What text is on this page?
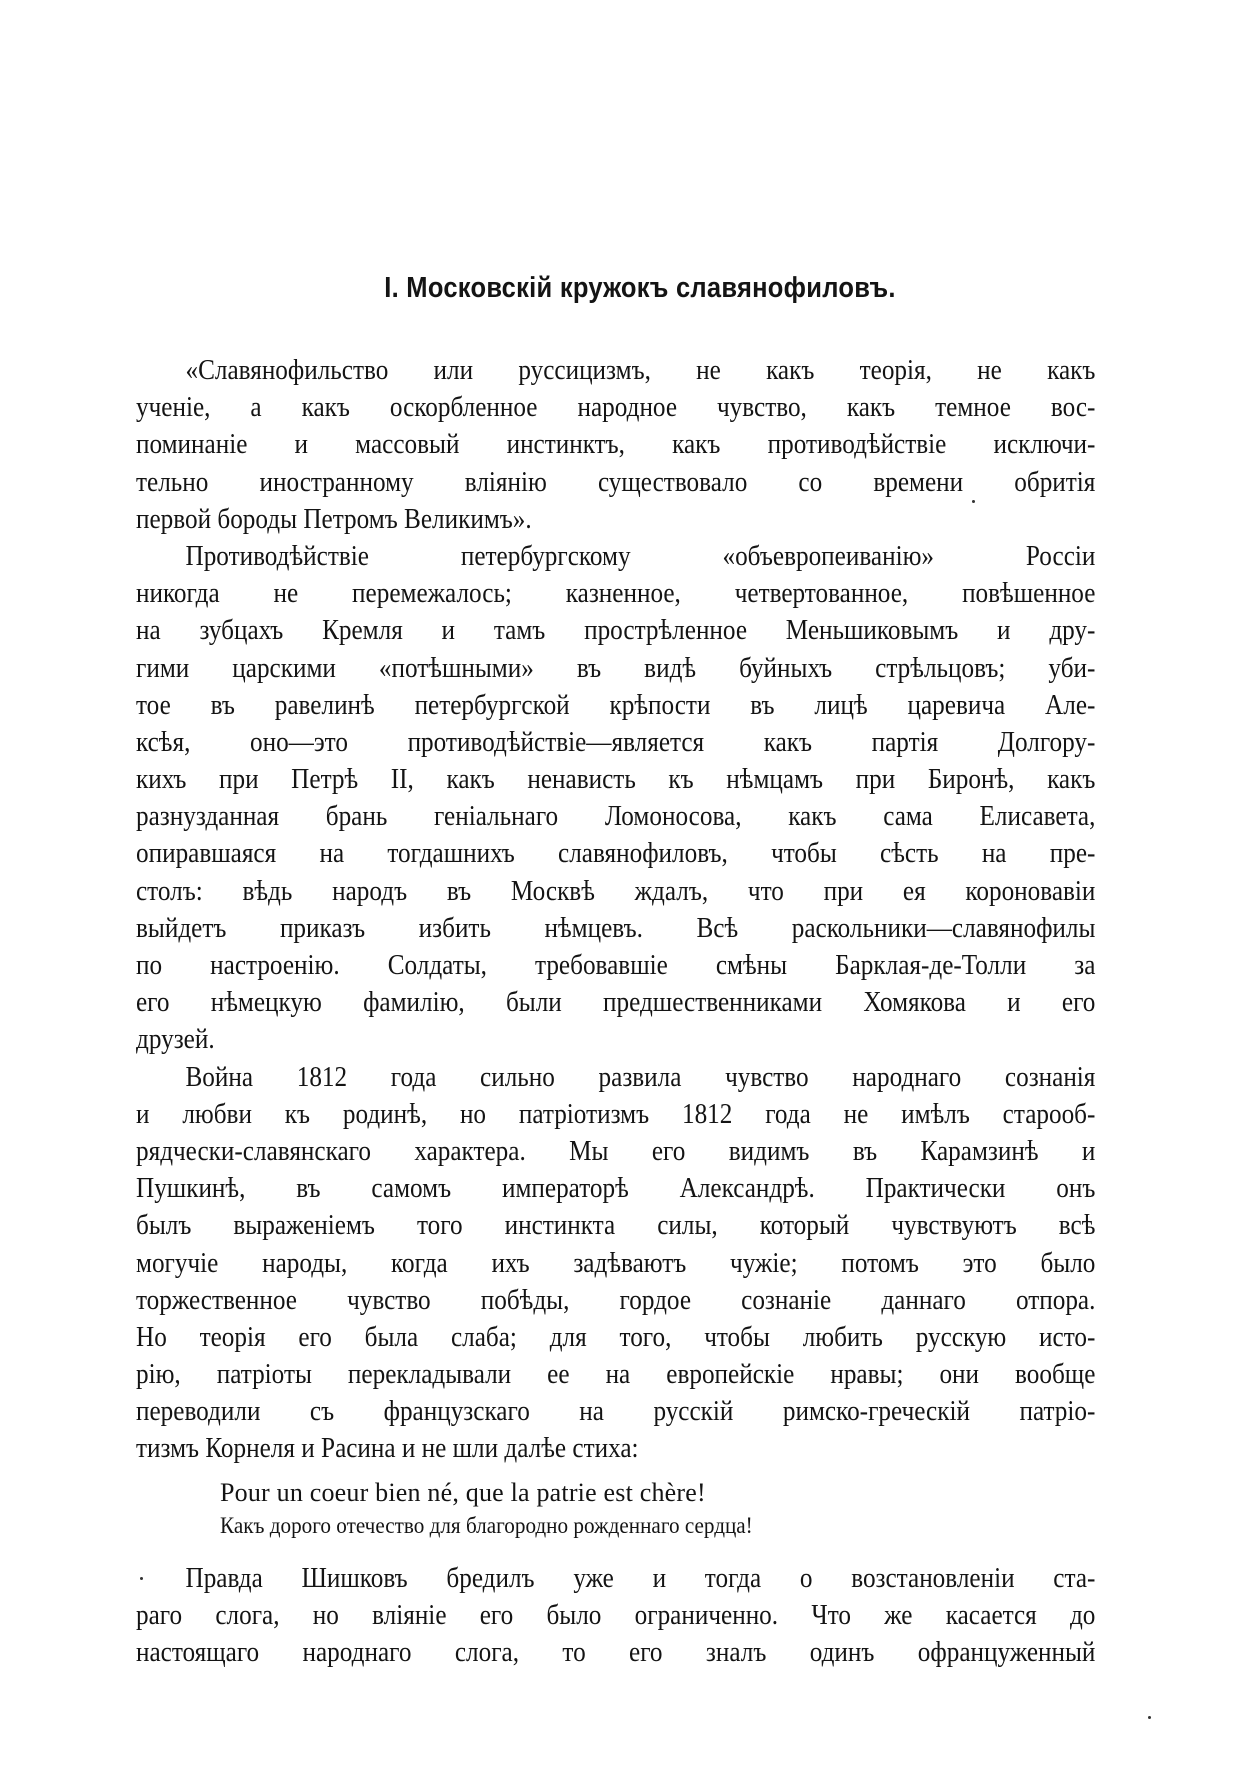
I. Московскій кружокъ славянофиловъ.
«Славянофильство или руссицизмъ, не какъ теорія, не какъ
ученіе, а какъ оскорбленное народное чувство, какъ темное вос-
поминаніе и массовый инстинктъ, какъ противодѣйствіе исключи-
тельно иностранному вліянію существовало со времени обритія
первой бороды Петромъ Великимъ».
Противодѣйствіе петербургскому «объевропеиванію» Россіи
никогда не перемежалось; казненное, четвертованное, повѣшенное
на зубцахъ Кремля и тамъ прострѣленное Меньшиковымъ и дру-
гими царскими «потѣшными» въ видѣ буйныхъ стрѣльцовъ; уби-
тое въ равелинѣ петербургской крѣпости въ лицѣ царевича Але-
ксѣя, оно—это противодѣйствіе—является какъ партія Долгору-
кихъ при Петрѣ II, какъ ненависть къ нѣмцамъ при Биронѣ, какъ
разнузданная брань геніальнаго Ломоносова, какъ сама Елисавета,
опиравшаяся на тогдашнихъ славянофиловъ, чтобы сѣсть на пре-
столъ: вѣдь народъ въ Москвѣ ждалъ, что при ея короновавіи
выйдетъ приказъ избить нѣмцевъ. Всѣ раскольники—славянофилы
по настроенію. Солдаты, требовавшіе смѣны Барклая-де-Толли за
его нѣмецкую фамилію, были предшественниками Хомякова и его
друзей.
Война 1812 года сильно развила чувство народнаго сознанія
и любви къ родинѣ, но патріотизмъ 1812 года не имѣлъ старооб-
рядчески-славянскаго характера. Мы его видимъ въ Карамзинѣ и
Пушкинѣ, въ самомъ императорѣ Александрѣ. Практически онъ
былъ выраженіемъ того инстинкта силы, который чувствуютъ всѣ
могучіе народы, когда ихъ задѣваютъ чужіе; потомъ это было
торжественное чувство побѣды, гордое сознаніе даннаго отпора.
Но теорія его была слаба; для того, чтобы любить русскую исто-
рію, патріоты перекладывали ее на европейскіе нравы; они вообще
переводили съ французскаго на русскій римско-греческій патріо-
тизмъ Корнеля и Расина и не шли далѣе стиха:
Pour un coeur bien né, que la patrie est chère!
Какъ дорого отечество для благородно рожденнаго сердца!
Правда Шишковъ бредилъ уже и тогда о возстановленіи ста-
раго слога, но вліяніе его было ограниченно. Что же касается до
настоящаго народнаго слога, то его зналъ одинъ офранцуженный
